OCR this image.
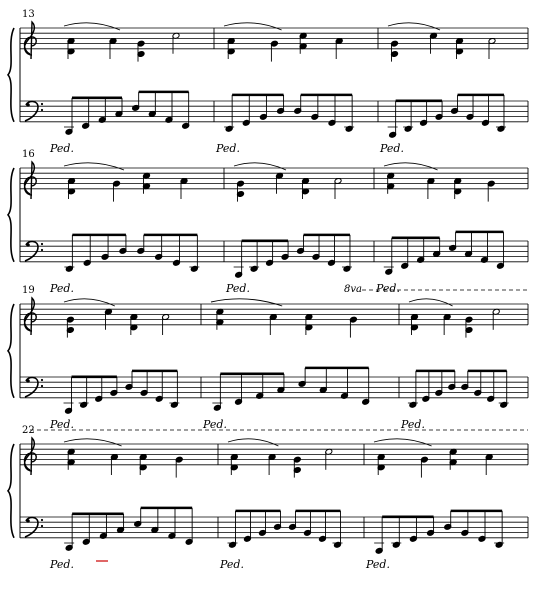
13
Ped.	Ped.	Ped.
16
Ped.	Ped.	Ped.
19
Ped.	Ped.	Ped.
22
Ped.	Ped.	Ped.
8va
